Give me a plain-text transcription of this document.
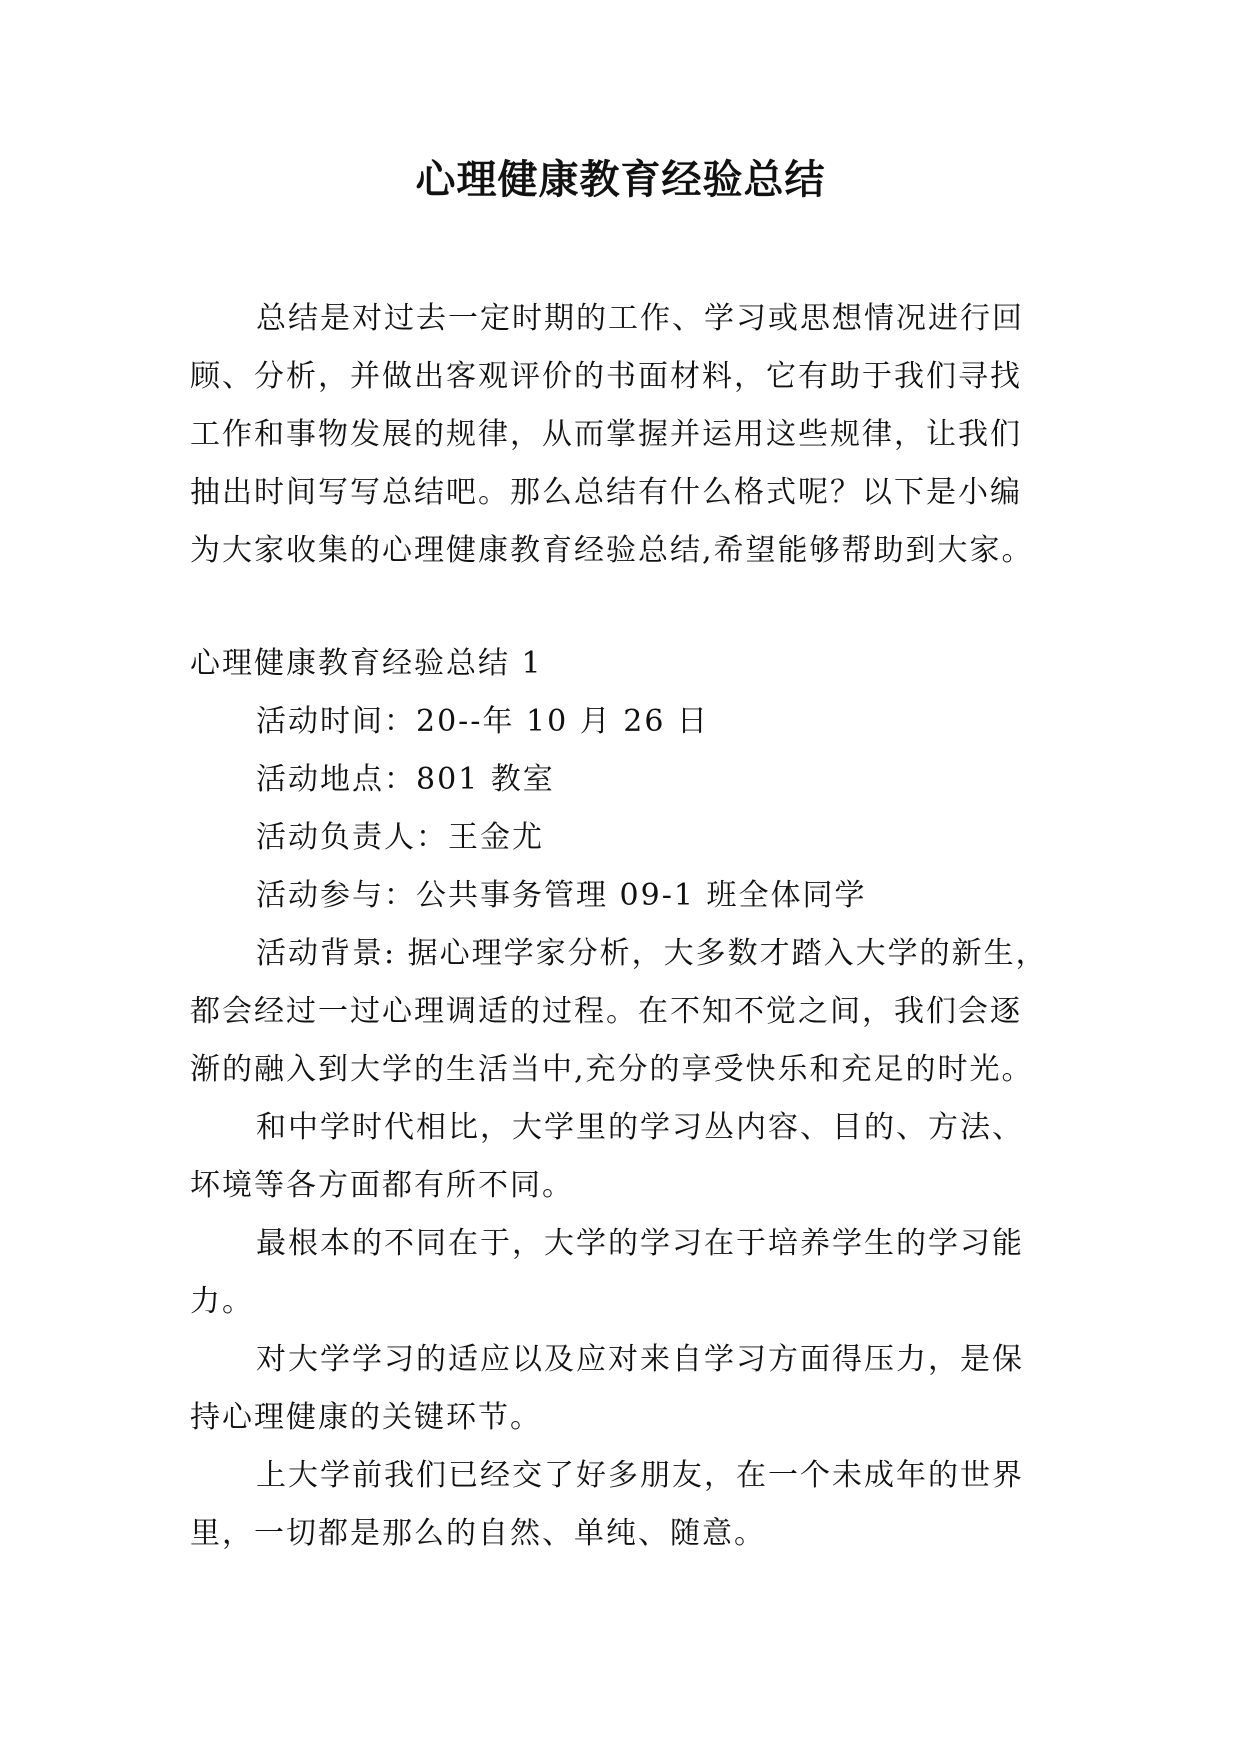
心理健康教育经验总结
总结是对过去一定时期的工作、学习或思想情况进行回
顾、分析，并做出客观评价的书面材料，它有助于我们寻找
工作和事物发展的规律，从而掌握并运用这些规律，让我们
抽出时间写写总结吧。那么总结有什么格式呢？以下是小编
为大家收集的心理健康教育经验总结,希望能够帮助到大家。
心理健康教育经验总结 1
活动时间：20--年 10 月 26 日
活动地点：801 教室
活动负责人：王金尤
活动参与：公共事务管理 09-1 班全体同学
活动背景: 据心理学家分析，大多数才踏入大学的新生，
都会经过一过心理调适的过程。在不知不觉之间，我们会逐
渐的融入到大学的生活当中,充分的享受快乐和充足的时光。
和中学时代相比，大学里的学习丛内容、目的、方法、
坏境等各方面都有所不同。
最根本的不同在于，大学的学习在于培养学生的学习能
力。
对大学学习的适应以及应对来自学习方面得压力，是保
持心理健康的关键环节。
上大学前我们已经交了好多朋友，在一个未成年的世界
里，一切都是那么的自然、单纯、随意。
